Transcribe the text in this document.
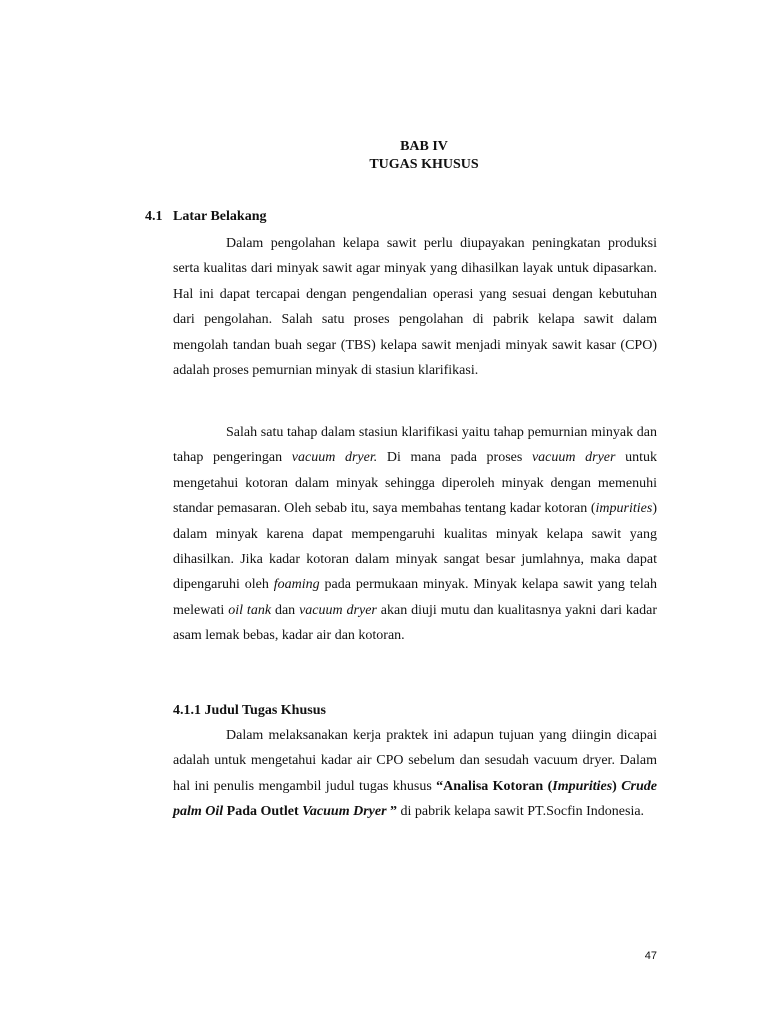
BAB IV
TUGAS KHUSUS
4.1 Latar Belakang

Dalam pengolahan kelapa sawit perlu diupayakan peningkatan produksi serta kualitas dari minyak sawit agar minyak yang dihasilkan layak untuk dipasarkan. Hal ini dapat tercapai dengan pengendalian operasi yang sesuai dengan kebutuhan dari pengolahan. Salah satu proses pengolahan di pabrik kelapa sawit dalam mengolah tandan buah segar (TBS) kelapa sawit menjadi minyak sawit kasar (CPO) adalah proses pemurnian minyak di stasiun klarifikasi.

Salah satu tahap dalam stasiun klarifikasi yaitu tahap pemurnian minyak dan tahap pengeringan vacuum dryer. Di mana pada proses vacuum dryer untuk mengetahui kotoran dalam minyak sehingga diperoleh minyak dengan memenuhi standar pemasaran. Oleh sebab itu, saya membahas tentang kadar kotoran (impurities) dalam minyak karena dapat mempengaruhi kualitas minyak kelapa sawit yang dihasilkan. Jika kadar kotoran dalam minyak sangat besar jumlahnya, maka dapat dipengaruhi oleh foaming pada permukaan minyak. Minyak kelapa sawit yang telah melewati oil tank dan vacuum dryer akan diuji mutu dan kualitasnya yakni dari kadar asam lemak bebas, kadar air dan kotoran.

4.1.1 Judul Tugas Khusus

Dalam melaksanakan kerja praktek ini adapun tujuan yang diingin dicapai adalah untuk mengetahui kadar air CPO sebelum dan sesudah vacuum dryer. Dalam hal ini penulis mengambil judul tugas khusus “Analisa Kotoran (Impurities) Crude palm Oil Pada Outlet Vacuum Dryer ” di pabrik kelapa sawit PT.Socfin Indonesia.

47
